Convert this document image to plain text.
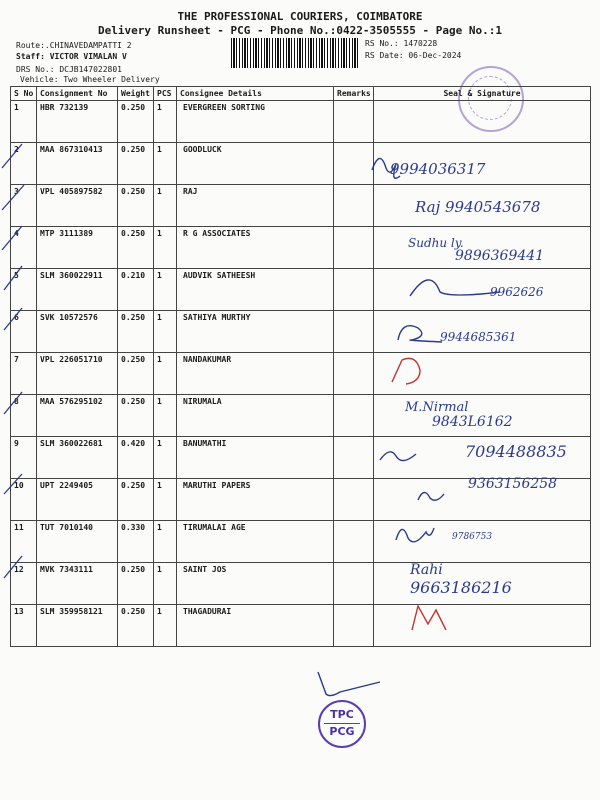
THE PROFESSIONAL COURIERS, COIMBATORE
Delivery Runsheet - PCG - Phone No.:0422-3505555 - Page No.:1
Route:.CHINAVEDAMPATTI 2
Staff: VICTOR VIMALAN V
DRS No.: DCJB147022801
Vehicle: Two Wheeler Delivery
RS No.: 1470228
RS Date: 06-Dec-2024
S No	Consignment No	Weight	PCS	Consignee Details	Remarks	Seal & Signature
1	HBR 732139	0.250	1	EVERGREEN SORTING		
2	MAA 867310413	0.250	1	GOODLUCK		
3	VPL 405897582	0.250	1	RAJ		
4	MTP 3111389	0.250	1	R G ASSOCIATES		
5	SLM 360022911	0.210	1	AUDVIK SATHEESH		
6	SVK 10572576	0.250	1	SATHIYA MURTHY		
7	VPL 226051710	0.250	1	NANDAKUMAR		
8	MAA 576295102	0.250	1	NIRUMALA		
9	SLM 360022681	0.420	1	BANUMATHI		
10	UPT 2249405	0.250	1	MARUTHI PAPERS		
11	TUT 7010140	0.330	1	TIRUMALAI AGE		
12	MVK 7343111	0.250	1	SAINT JOS		
13	SLM 359958121	0.250	1	THAGADURAI		
9994036317
Raj 9940543678
Sudhu ly.
9896369441
9962626
9944685361
M.Nirmal
9843L6162
7094488835
9363156258
9786753
Rahi
9663186216
TPC
PCG
